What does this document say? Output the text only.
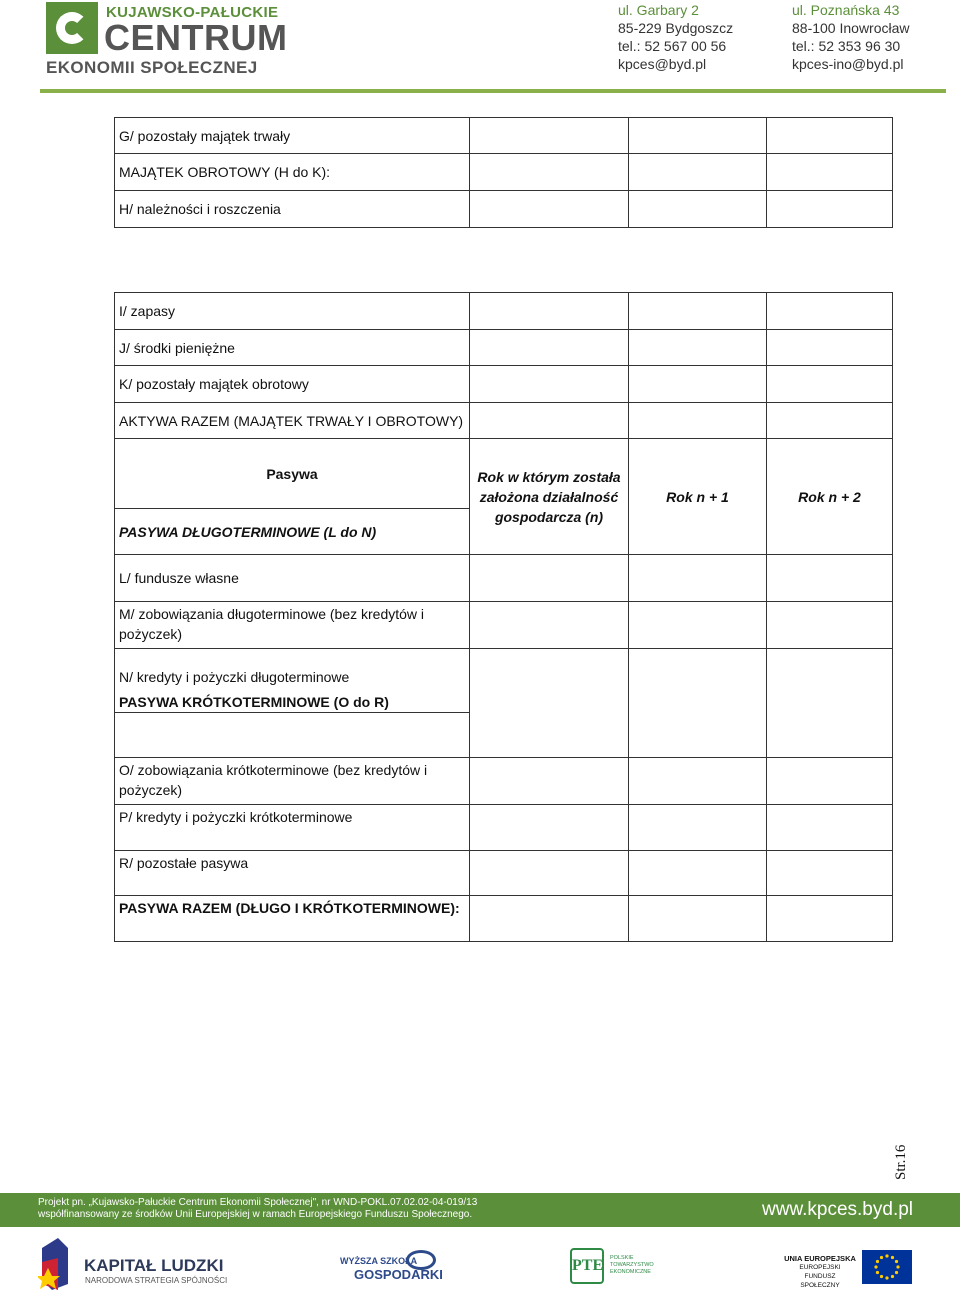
KUJAWSKO-PAŁUCKIE
CENTRUM
EKONOMII SPOŁECZNEJ
ul. Garbary 2
85-229 Bydgoszcz
tel.: 52 567 00 56
kpces@byd.pl
ul. Poznańska 43
88-100 Inowrocław
tel.: 52 353 96 30
kpces-ino@byd.pl
G/ pozostały majątek trwały			
MAJĄTEK OBROTOWY (H do K):			
H/ należności i roszczenia			
I/ zapasy			
J/ środki pieniężne			
K/ pozostały majątek obrotowy			
AKTYWA RAZEM (MAJĄTEK TRWAŁY I OBROTOWY)			
Pasywa	Rok w którym została założona działalność gospodarcza (n)	Rok n + 1	Rok n + 2
PASYWA DŁUGOTERMINOWE (L do N)			
L/ fundusze własne			
M/ zobowiązania długoterminowe (bez kredytów i pożyczek)			

N/ kredyty i pożyczki długoterminowe
PASYWA KRÓTKOTERMINOWE (O do R)			

O/ zobowiązania krótkoterminowe (bez kredytów i pożyczek)			
P/ kredyty i pożyczki krótkoterminowe			
R/ pozostałe pasywa			
PASYWA RAZEM (DŁUGO I KRÓTKOTERMINOWE):			
Str.16
Projekt pn. „Kujawsko-Pałuckie Centrum Ekonomii Społecznej", nr WND-POKL.07.02.02-04-019/13
współfinansowany ze środków Unii Europejskiej w ramach Europejskiego Funduszu Społecznego.	www.kpces.byd.pl
KAPITAŁ LUDZKI
NARODOWA STRATEGIA SPÓJNOŚCI
WYŻSZA SZKOŁA
GOSPODARKI
PTE POLSKIE
TOWARZYSTWO
EKONOMICZNE
UNIA EUROPEJSKA
EUROPEJSKI
FUNDUSZ SPOŁECZNY
